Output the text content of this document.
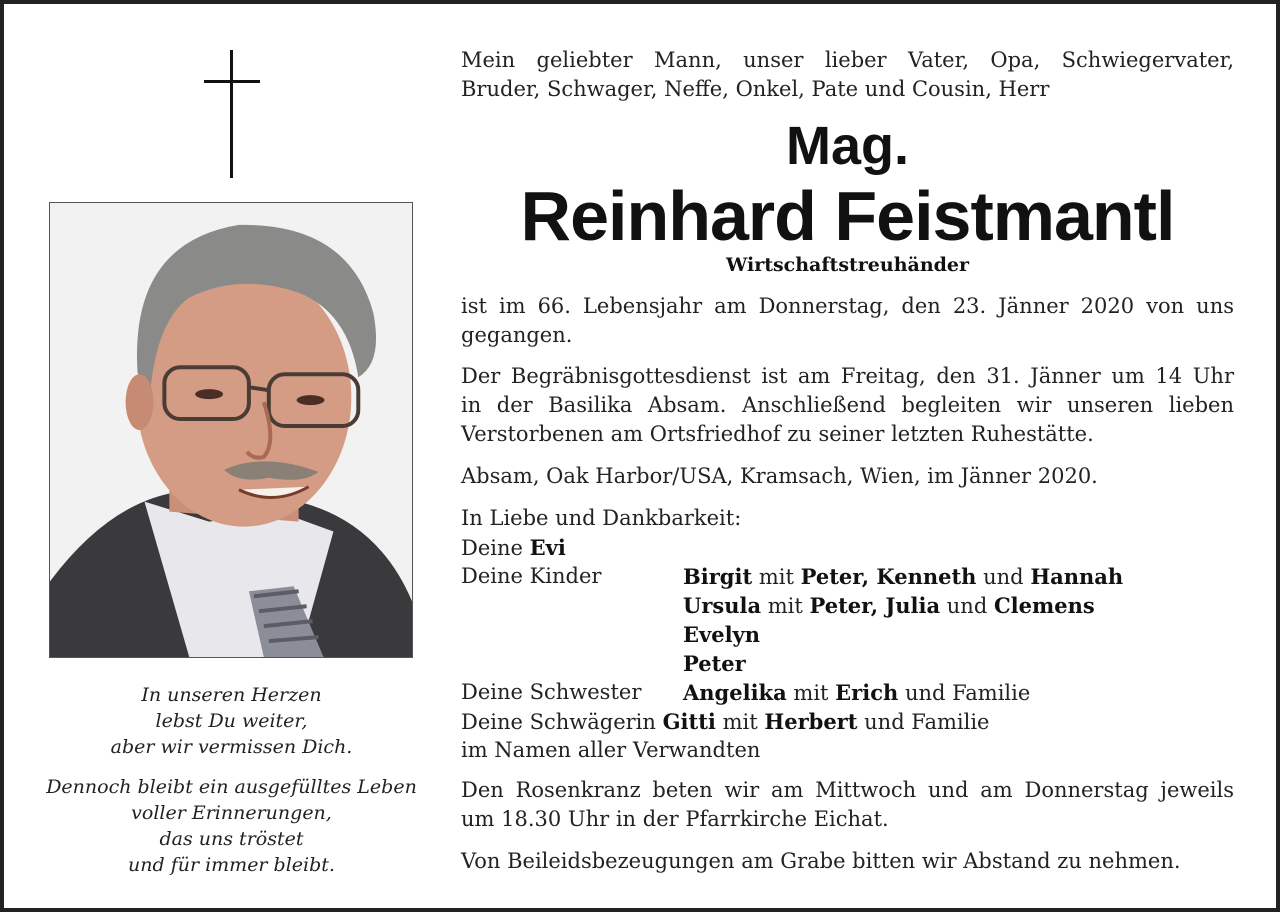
In unseren Herzen
lebst Du weiter,
aber wir vermissen Dich.
Dennoch bleibt ein ausgefülltes Leben
voller Erinnerungen,
das uns tröstet
und für immer bleibt.
Mein geliebter Mann, unser lieber Vater, Opa, Schwiegervater,
Bruder, Schwager, Neffe, Onkel, Pate und Cousin, Herr
Mag.
Reinhard Feistmantl
Wirtschaftstreuhänder
ist im 66. Lebensjahr am Donnerstag, den 23. Jänner 2020 von uns
gegangen.
Der Begräbnisgottesdienst ist am Freitag, den 31. Jänner um 14 Uhr
in der Basilika Absam. Anschließend begleiten wir unseren lieben
Verstorbenen am Ortsfriedhof zu seiner letzten Ruhestätte.
Absam, Oak Harbor/USA, Kramsach, Wien, im Jänner 2020.
In Liebe und Dankbarkeit:
Deine Evi
Deine Kinder	Birgit mit Peter, Kenneth und Hannah
Ursula mit Peter, Julia und Clemens
Evelyn
Peter
Deine Schwester	Angelika mit Erich und Familie
Deine Schwägerin Gitti mit Herbert und Familie
im Namen aller Verwandten
Den Rosenkranz beten wir am Mittwoch und am Donnerstag jeweils
um 18.30 Uhr in der Pfarrkirche Eichat.
Von Beileidsbezeugungen am Grabe bitten wir Abstand zu nehmen.
